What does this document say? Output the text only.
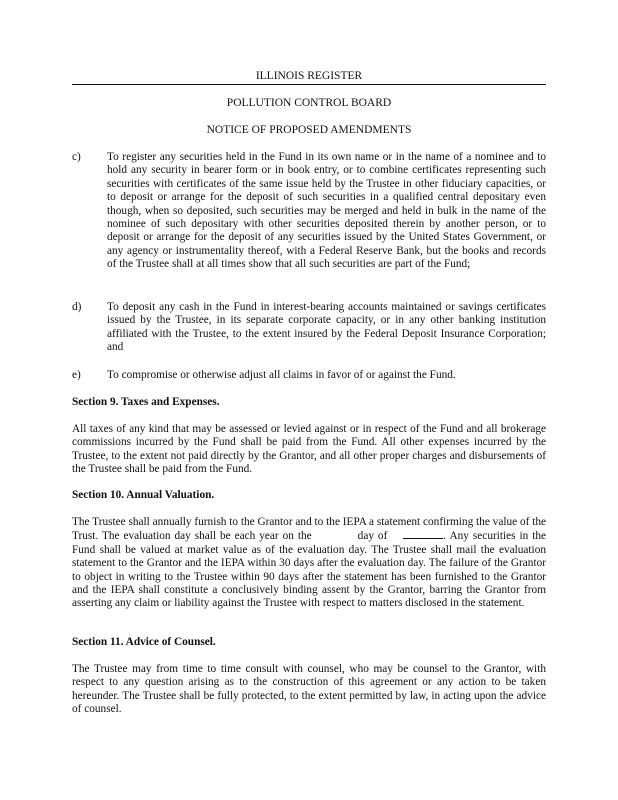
ILLINOIS REGISTER
POLLUTION CONTROL BOARD
NOTICE OF PROPOSED AMENDMENTS
c)	To register any securities held in the Fund in its own name or in the name of a nominee and to hold any security in bearer form or in book entry, or to combine certificates representing such securities with certificates of the same issue held by the Trustee in other fiduciary capacities, or to deposit or arrange for the deposit of such securities in a qualified central depositary even though, when so deposited, such securities may be merged and held in bulk in the name of the nominee of such depositary with other securities deposited therein by another person, or to deposit or arrange for the deposit of any securities issued by the United States Government, or any agency or instrumentality thereof, with a Federal Reserve Bank, but the books and records of the Trustee shall at all times show that all such securities are part of the Fund;
d)	To deposit any cash in the Fund in interest-bearing accounts maintained or savings certificates issued by the Trustee, in its separate corporate capacity, or in any other banking institution affiliated with the Trustee, to the extent insured by the Federal Deposit Insurance Corporation; and
e)	To compromise or otherwise adjust all claims in favor of or against the Fund.
Section 9. Taxes and Expenses.
All taxes of any kind that may be assessed or levied against or in respect of the Fund and all brokerage commissions incurred by the Fund shall be paid from the Fund. All other expenses incurred by the Trustee, to the extent not paid directly by the Grantor, and all other proper charges and disbursements of the Trustee shall be paid from the Fund.
Section 10. Annual Valuation.
The Trustee shall annually furnish to the Grantor and to the IEPA a statement confirming the value of the Trust. The evaluation day shall be each year on the	day of	. Any securities in the Fund shall be valued at market value as of the evaluation day. The Trustee shall mail the evaluation statement to the Grantor and the IEPA within 30 days after the evaluation day. The failure of the Grantor to object in writing to the Trustee within 90 days after the statement has been furnished to the Grantor and the IEPA shall constitute a conclusively binding assent by the Grantor, barring the Grantor from asserting any claim or liability against the Trustee with respect to matters disclosed in the statement.
Section 11. Advice of Counsel.
The Trustee may from time to time consult with counsel, who may be counsel to the Grantor, with respect to any question arising as to the construction of this agreement or any action to be taken hereunder. The Trustee shall be fully protected, to the extent permitted by law, in acting upon the advice of counsel.
